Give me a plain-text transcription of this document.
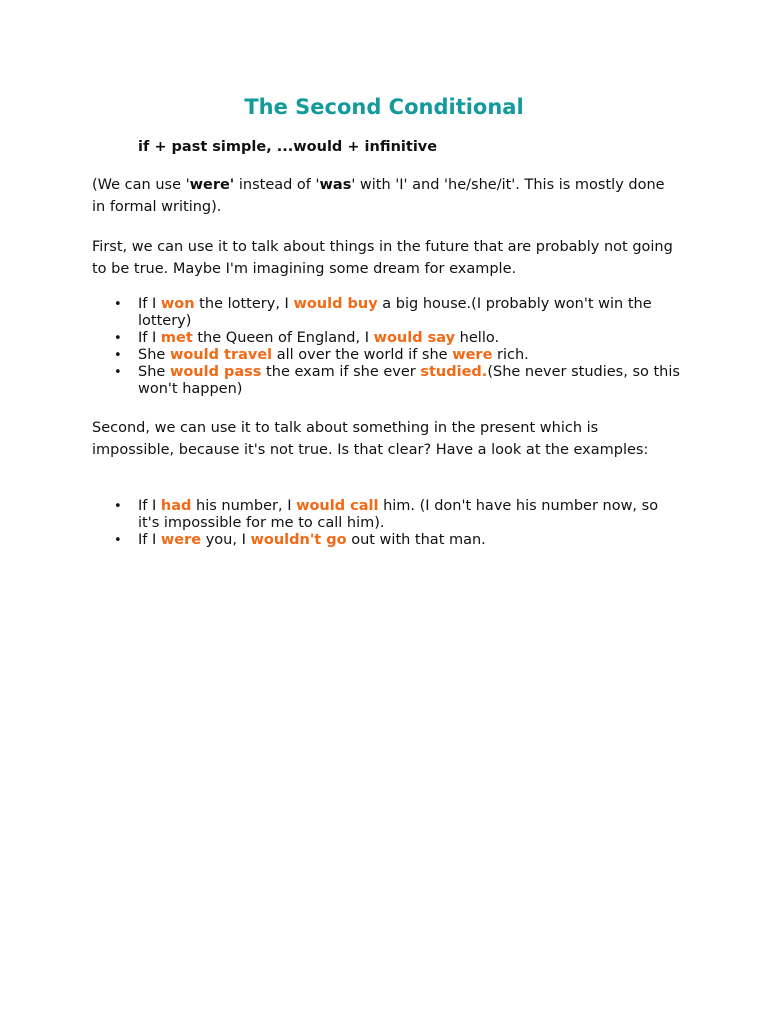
The Second Conditional

if + past simple, ...would + infinitive

(We can use 'were' instead of 'was' with 'I' and 'he/she/it'. This is mostly done in formal writing).

First, we can use it to talk about things in the future that are probably not going to be true. Maybe I'm imagining some dream for example.

• If I won the lottery, I would buy a big house.(I probably won't win the lottery)
• If I met the Queen of England, I would say hello.
• She would travel all over the world if she were rich.
• She would pass the exam if she ever studied.(She never studies, so this won't happen)

Second, we can use it to talk about something in the present which is impossible, because it's not true. Is that clear? Have a look at the examples:

• If I had his number, I would call him. (I don't have his number now, so it's impossible for me to call him).
• If I were you, I wouldn't go out with that man.
